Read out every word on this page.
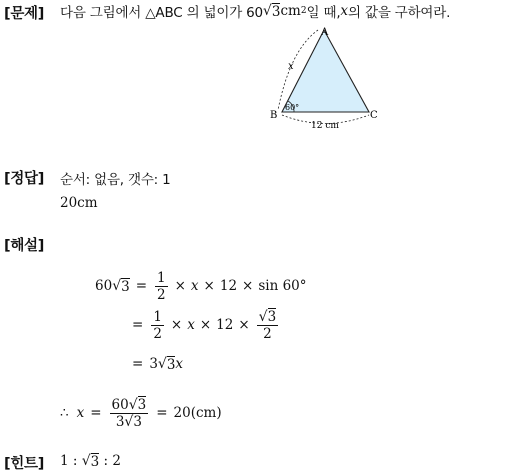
[문제] 다음 그림에서 △ABC 의 넓이가 60 √ 3 cm 2 일 때, x 의 값을 구하여라.
A
B	C
x
60°
12 cm
[정답] 순서: 없음, 갯수: 1
20cm
[해설]
60 √ $3 = \frac{1}{2} \times x \times 12 \times \sin 60^\circ$
= $\frac{1}{2} \times x \times 12 \times \frac{√3}{2}$
= 3 √ 3 x
∴ $x = \frac{60√3}{3√3} = 20(cm)$
[힌트] 1 : √ 3 : 2
